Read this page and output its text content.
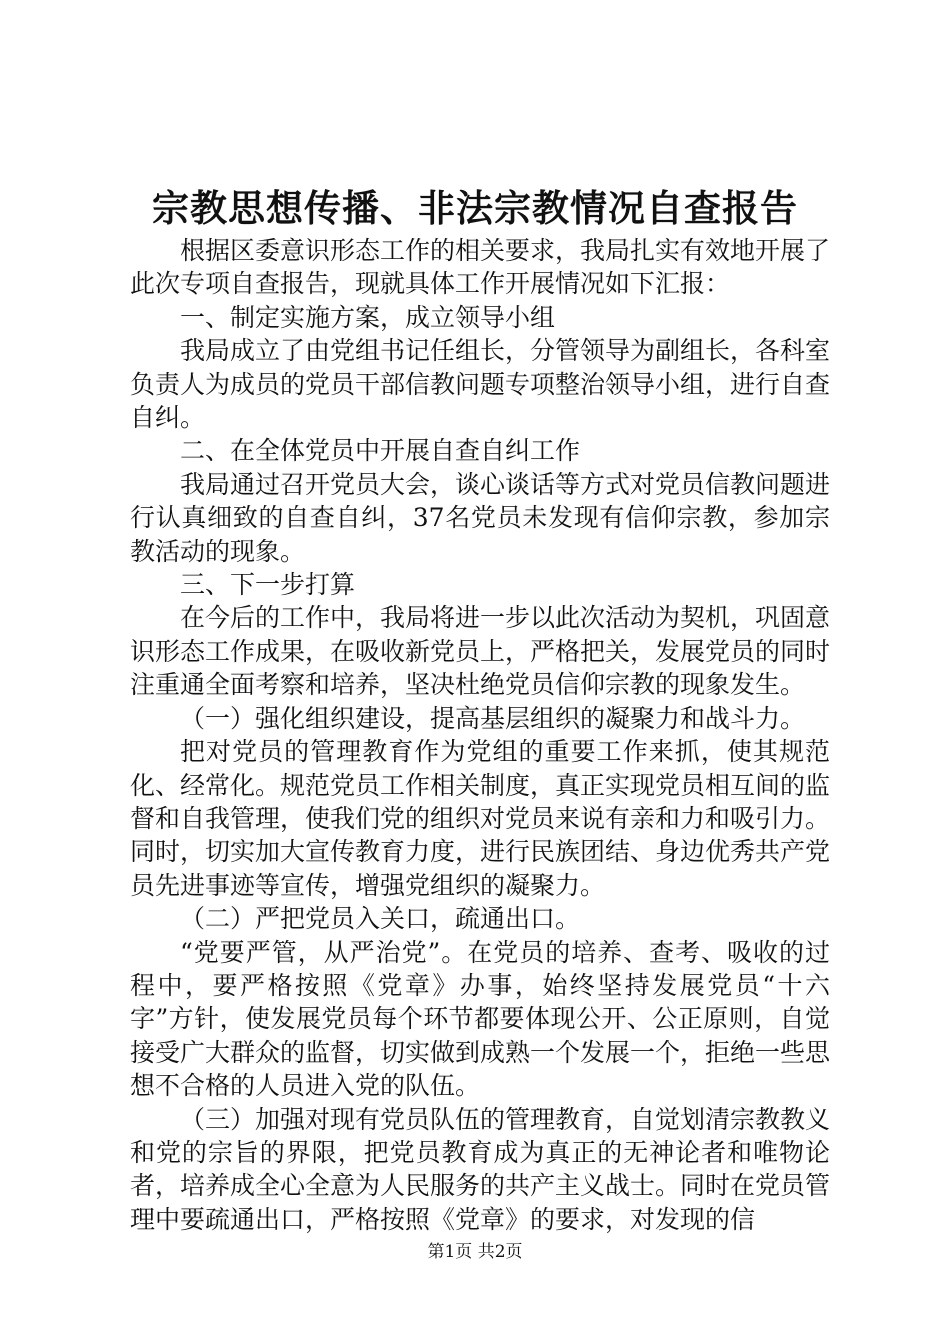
宗教思想传播、非法宗教情况自查报告

根据区委意识形态工作的相关要求，我局扎实有效地开展了此次专项自查报告，现就具体工作开展情况如下汇报：

一、制定实施方案，成立领导小组

我局成立了由党组书记任组长，分管领导为副组长，各科室负责人为成员的党员干部信教问题专项整治领导小组，进行自查自纠。

二、在全体党员中开展自查自纠工作

我局通过召开党员大会，谈心谈话等方式对党员信教问题进行认真细致的自查自纠，37名党员未发现有信仰宗教，参加宗教活动的现象。

三、下一步打算

在今后的工作中，我局将进一步以此次活动为契机，巩固意识形态工作成果，在吸收新党员上，严格把关，发展党员的同时注重通全面考察和培养，坚决杜绝党员信仰宗教的现象发生。

（一）强化组织建设，提高基层组织的凝聚力和战斗力。

把对党员的管理教育作为党组的重要工作来抓，使其规范化、经常化。规范党员工作相关制度，真正实现党员相互间的监督和自我管理，使我们党的组织对党员来说有亲和力和吸引力。同时，切实加大宣传教育力度，进行民族团结、身边优秀共产党员先进事迹等宣传，增强党组织的凝聚力。

（二）严把党员入关口，疏通出口。

“党要严管，从严治党”。在党员的培养、查考、吸收的过程中，要严格按照《党章》办事，始终坚持发展党员“十六字”方针，使发展党员每个环节都要体现公开、公正原则，自觉接受广大群众的监督，切实做到成熟一个发展一个，拒绝一些思想不合格的人员进入党的队伍。

（三）加强对现有党员队伍的管理教育，自觉划清宗教教义和党的宗旨的界限，把党员教育成为真正的无神论者和唯物论者，培养成全心全意为人民服务的共产主义战士。同时在党员管理中要疏通出口，严格按照《党章》的要求，对发现的信

第1页 共2页
